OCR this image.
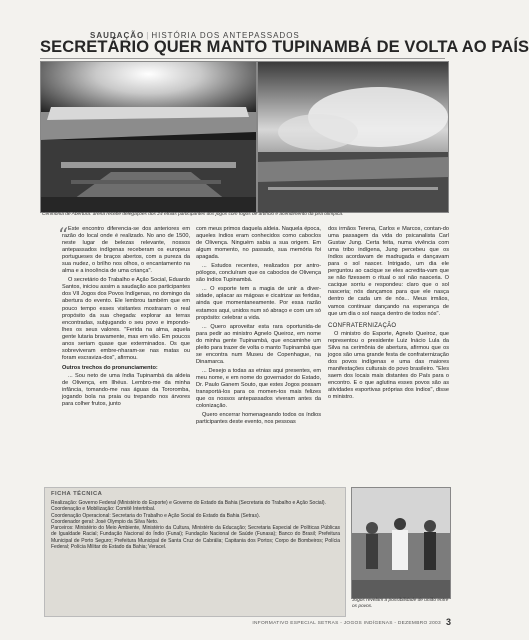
SAUDAÇÃO | HISTÓRIA DOS ANTEPASSADOS
SECRETÁRIO QUER MANTO TUPINAMBÁ DE VOLTA AO PAÍS
Cerimônia de Abertura: arena recebe delegações dos 24 etnias participantes dos jogos com fogos de artifício e acendimento da pira olímpica.
“ Este encontro diferencia-se dos anteriores em razão do local onde é realizado. No ano de 1500, neste lugar de belezas relevante, nossos antepassados indígenas receberam os europeus portugueses de braços abertos, com a pureza da sua nudez, o brilho nos olhos, o encantamento na alma e a inocência de uma criança".

O secretário do Trabalho e Ação Social, Eduardo Santos, iniciou assim a saudação aos participantes dos VII Jogos dos Povos Indígenas, no domingo da abertura do evento. Ele lembrou também que em pouco tempo esses visitantes mostraram o real propósito da sua chegada: explorar as terras encontradas, subjugando o seu povo e impondo-lhes os seus valores. "Ferida na alma, aquela gente lutaria bravamente, mas em vão. Em poucos anos seriam quase que exterminados. Os que sobreviveram embre-nharam-se nas matas ou foram escraviza-dos", afirmou.

Outros trechos do pronunciamento:

... Sou neto de uma índia Tupinambá da aldeia de Olivença, em Ilhéus. Lembro-me da minha infância, tomando-me nas águas da Tororomba, jogando bola na praia ou trepando nos árvores para colher frutos, junto

com meus primos daquela aldeia. Naquela época, aqueles índios eram conhecidos como caboclos de Olivença. Ninguém sabia a sua origem. Em algum momento, no passado, sua memória foi apagada.

... Estudos recentes, realizados por antro-pólogos, concluíram que os caboclos de Olivença são índios Tupinambá.

... O esporte tem a magia de unir a diver-sidade, aplacar as mágoas e cicatrizar as feridas, ainda que momentaneamente. Por essa razão estamos aqui, unidos num só abraço e com um só propósito: celebrar a vida.

... Quero aproveitar esta rara oportunida-de para pedir ao ministro Agnelo Queiroz, em nome do minha gente Tupinambá, que encaminhe um pleito para trazer de volta o manto Tupinambá que se encontra num Museu de Copenhague, na Dinamarca.

... Desejo a todas as etnias aqui presentes, em meu nome, e em nome do governador do Estado, Dr. Paulo Ganem Souto, que estes Jogos possam transportá-los para os momen-tos mais felizes que os nossos antepassados viveram antes da colonização.

Quero encerrar homenageando todos os índios participantes deste evento, nos pessoas

dos irmãos Terena, Carlos e Marcos, contan-do uma passagem da vida do psicanalista Carl Gustav Jung. Certa feita, numa vivência com uma tribo indígena, Jung percebeu que os índios acordavam de madrugada e dançavam para o sol nascer. Intrigado, um dia ele perguntou ao cacique se eles acredita-vam que se não fizessem o ritual o sol não nasceria. O cacique sorriu e respondeu: claro que o sol nasceria; nós dançamos para que ele nasça dentro de cada um de nós... Meus irmãos, vamos continuar dançando na esperança de que um dia o sol nasça dentro de todos nós".

CONFRATERNIZAÇÃO

O ministro do Esporte, Agnelo Queiroz, que representou o presidente Luiz Inácio Lula da Silva na cerimônia de abertura, afirmou que os jogos são uma grande festa de confraternização dos povos indígenas e uma das maiores manifestações culturais do povo brasileiro. "Eles saem dos locais mais distantes do País para o encontro. E o que aglutina esses povos são as atividades esportivas próprias dos índios", disse o ministro.

FICHA TÉCNICA
Realização: Governo Federal (Ministério do Esporte) e Governo do Estado da Bahia (Secretaria do Trabalho e Ação Social).
Coordenação e Mobilização: Comitê Intertribal.
Coordenação Operacional: Secretaria do Trabalho e Ação Social do Estado da Bahia (Setras).
Coordenador geral: José Olympio da Silva Neto.
Parceiros: Ministério do Meio Ambiente, Ministério da Cultura, Ministério da Educação; Secretaria Especial de Políticas Públicas de Igualdade Racial; Fundação Nacional do Índio (Funai); Fundação Nacional de Saúde (Funasa); Banco do Brasil; Prefeitura Municipal de Porto Seguro; Prefeitura Municipal de Santa Cruz de Cabrália; Capitania dos Portos; Corpo de Bombeiros; Polícia Federal; Polícia Militar do Estado da Bahia; Veracel.
Jogos revelam a possibilidade de união entre os povos.
INFORMATIVO ESPECIAL SETRAS - JOGOS INDÍGENAS - DEZEMBRO 2003 3
